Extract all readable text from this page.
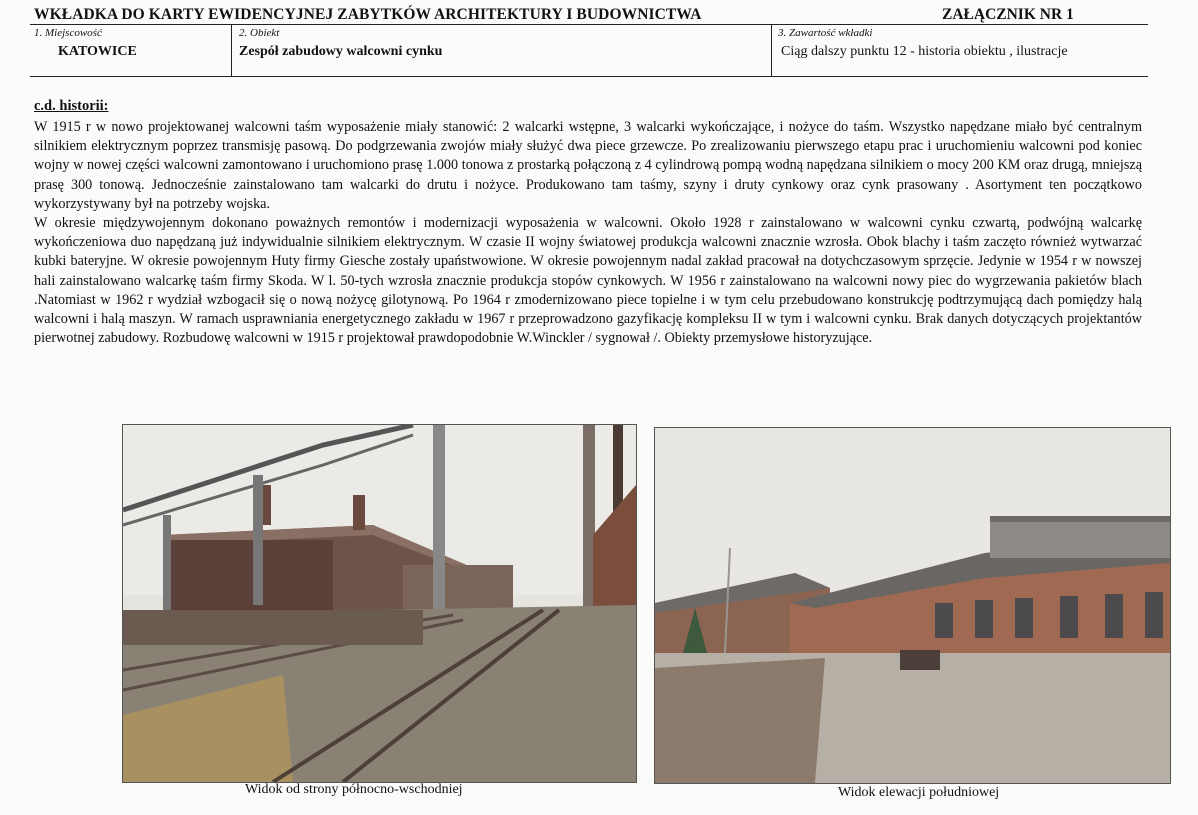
WKŁADKA DO KARTY EWIDENCYJNEJ ZABYTKÓW ARCHITEKTURY I BUDOWNICTWA	ZAŁĄCZNIK NR 1
1. Miejscowość
KATOWICE
2. Obiekt
Zespół zabudowy walcowni cynku
3. Zawartość wkładki
Ciąg dalszy punktu 12 - historia obiektu , ilustracje
c.d. historii:

W 1915 r w nowo projektowanej walcowni taśm wyposażenie miały stanowić: 2 walcarki wstępne, 3 walcarki wykończające, i nożyce do taśm. Wszystko napędzane miało być centralnym silnikiem elektrycznym poprzez transmisję pasową. Do podgrzewania zwojów miały służyć dwa piece grzewcze. Po zrealizowaniu pierwszego etapu prac i uruchomieniu walcowni pod koniec wojny w nowej części walcowni zamontowano i uruchomiono prasę 1.000 tonowa z prostarką połączoną z 4 cylindrową pompą wodną napędzana silnikiem o mocy 200 KM oraz drugą, mniejszą prasę 300 tonową. Jednocześnie zainstalowano tam walcarki do drutu i nożyce. Produkowano tam taśmy, szyny i druty cynkowy oraz cynk prasowany . Asortyment ten początkowo wykorzystywany był na potrzeby wojska.

W okresie międzywojennym dokonano poważnych remontów i modernizacji wyposażenia w walcowni. Około 1928 r zainstalowano w walcowni cynku czwartą, podwójną walcarkę wykończeniowa duo napędzaną już indywidualnie silnikiem elektrycznym. W czasie II wojny światowej produkcja walcowni znacznie wzrosła. Obok blachy i taśm zaczęto również wytwarzać kubki bateryjne. W okresie powojennym Huty firmy Giesche zostały upaństwowione. W okresie powojennym nadal zakład pracował na dotychczasowym sprzęcie. Jedynie w 1954 r w nowszej hali zainstalowano walcarkę taśm firmy Skoda. W l. 50-tych wzrosła znacznie produkcja stopów cynkowych. W 1956 r zainstalowano na walcowni nowy piec do wygrzewania pakietów blach .Natomiast w 1962 r wydział wzbogacił się o nową nożycę gilotynową. Po 1964 r zmodernizowano piece topielne i w tym celu przebudowano konstrukcję podtrzymującą dach pomiędzy halą walcowni i halą maszyn. W ramach usprawniania energetycznego zakładu w 1967 r przeprowadzono gazyfikację kompleksu II w tym i walcowni cynku. Brak danych dotyczących projektantów pierwotnej zabudowy. Rozbudowę walcowni w 1915 r projektował prawdopodobnie W.Winckler / sygnował /. Obiekty przemysłowe historyzujące.

Widok od strony północno-wschodniej	Widok elewacji południowej
